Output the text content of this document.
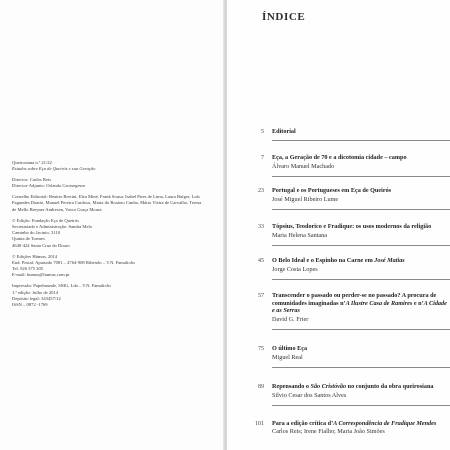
Queirosiana n.º 21/22
Estudos sobre Eça de Queirós e sua Geração
Director: Carlos Reis
Director-Adjunto: Orlando Grossegesse
Conselho Editorial: Beatriz Berrini, Elza Miné, Frank Sousa, Isabel Pires de Lima, Laura Bulger, Luís
Fagundes Duarte, Manuel Pereira Cardoso, Maria do Rosário Cunha, Mário Vieira de Carvalho, Teresa
de Mello Breyner Andresen, Vasco Graça Moura
© Edição: Fundação Eça de Queirós
Secretariado e Administração: Sandra Melo
Caminho do Jacinto, 3110
Quinta de Tormes
4640-424 Santa Cruz do Douro
© Edições Húmus, 2014
End. Postal: Apartado 7081 – 4764-908 Ribeirão – V.N. Famalicão
Tel. 926 375 305
E-mail: humus@humus.com.pt
Impressão: Papelmunde, SMG, Lda – V.N. Famalicão
1.ª edição: Julho de 2014
Depósito legal: 343457/12
ISSN – 0872 -1769
ÍNDICE
5 Editorial
7 Eça, a Geração de 70 e a dicotomia cidade – campo
Álvaro Manuel Machado
23 Portugal e os Portugueses em Eça de Queirós
José Miguel Ribeiro Lume
33 Tópsius, Teodorico e Fradique: os usos modernos da religião
Maria Helena Santana
45 O Belo Ideal e o Espinho na Carne em José Matias
Jorge Costa Lopes
57 Transcender o passado ou perder-se no passado? A procura de comunidades imaginadas n’A Ilustre Casa de Ramires e n’A Cidade e as Serras
David G. Frier
75 O último Eça
Miguel Real
89 Repensando o São Cristóvão no conjunto da obra queirosiana
Silvio Cesar dos Santos Alves
101 Para a edição crítica d’A Correspondência de Fradique Mendes
Carlos Reis; Irene Fialho; Maria João Simões
